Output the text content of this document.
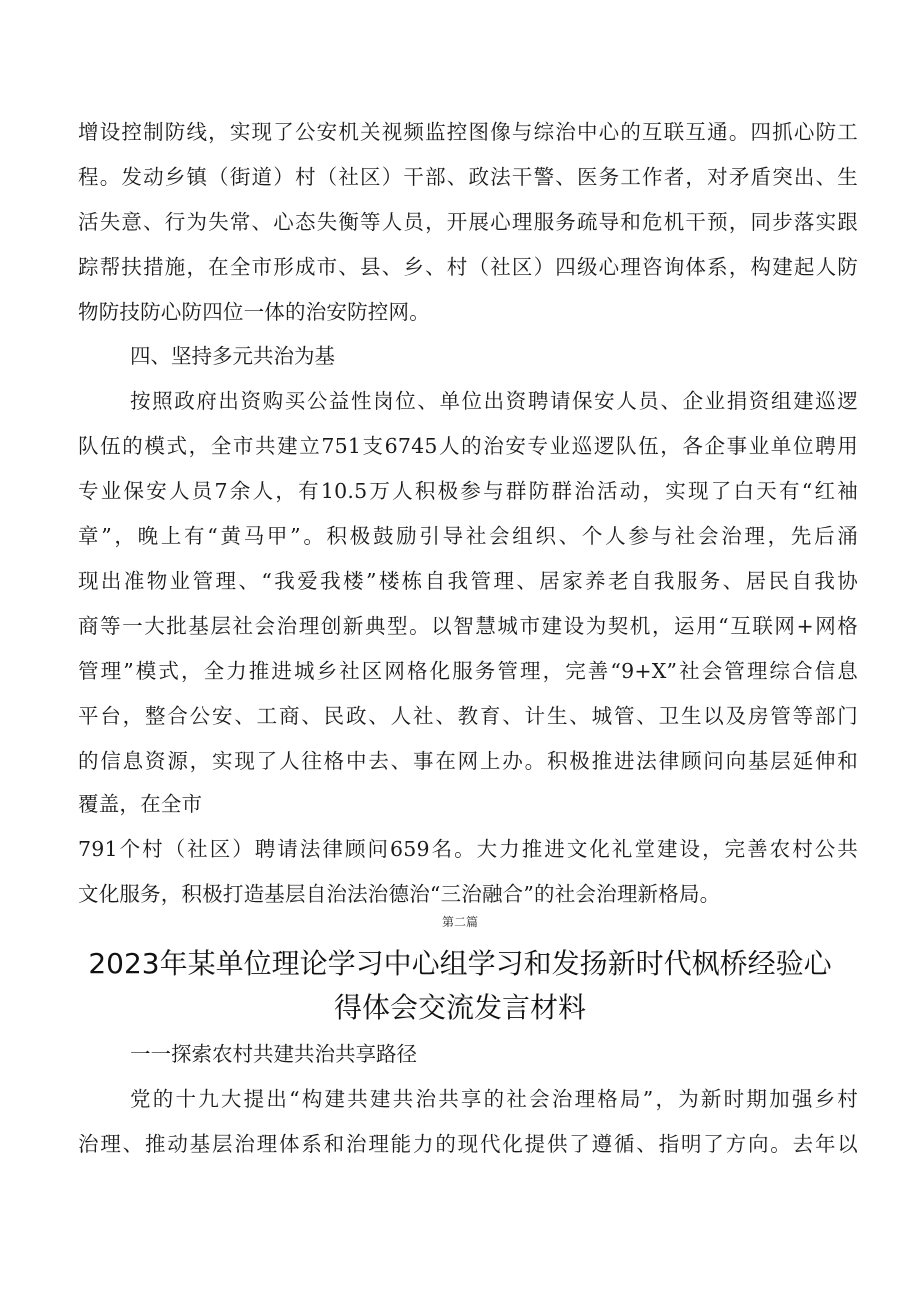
增设控制防线，实现了公安机关视频监控图像与综治中心的互联互通。四抓心防工
程。发动乡镇（街道）村（社区）干部、政法干警、医务工作者，对矛盾突出、生
活失意、行为失常、心态失衡等人员，开展心理服务疏导和危机干预，同步落实跟
踪帮扶措施，在全市形成市、县、乡、村（社区）四级心理咨询体系，构建起人防
物防技防心防四位一体的治安防控网。
四、坚持多元共治为基
按照政府出资购买公益性岗位、单位出资聘请保安人员、企业捐资组建巡逻
队伍的模式，全市共建立751支6745人的治安专业巡逻队伍，各企事业单位聘用
专业保安人员7余人，有10.5万人积极参与群防群治活动，实现了白天有“红袖
章”，晚上有“黄马甲”。积极鼓励引导社会组织、个人参与社会治理，先后涌
现出准物业管理、“我爱我楼”楼栋自我管理、居家养老自我服务、居民自我协
商等一大批基层社会治理创新典型。以智慧城市建设为契机，运用“互联网+网格
管理”模式，全力推进城乡社区网格化服务管理，完善“9+X”社会管理综合信息
平台，整合公安、工商、民政、人社、教育、计生、城管、卫生以及房管等部门
的信息资源，实现了人往格中去、事在网上办。积极推进法律顾问向基层延伸和
覆盖，在全市
791个村（社区）聘请法律顾问659名。大力推进文化礼堂建设，完善农村公共
文化服务，积极打造基层自治法治德治“三治融合”的社会治理新格局。
第二篇
2023年某单位理论学习中心组学习和发扬新时代枫桥经验心
得体会交流发言材料
一一探索农村共建共治共享路径
党的十九大提出“构建共建共治共享的社会治理格局”，为新时期加强乡村
治理、推动基层治理体系和治理能力的现代化提供了遵循、指明了方向。去年以
